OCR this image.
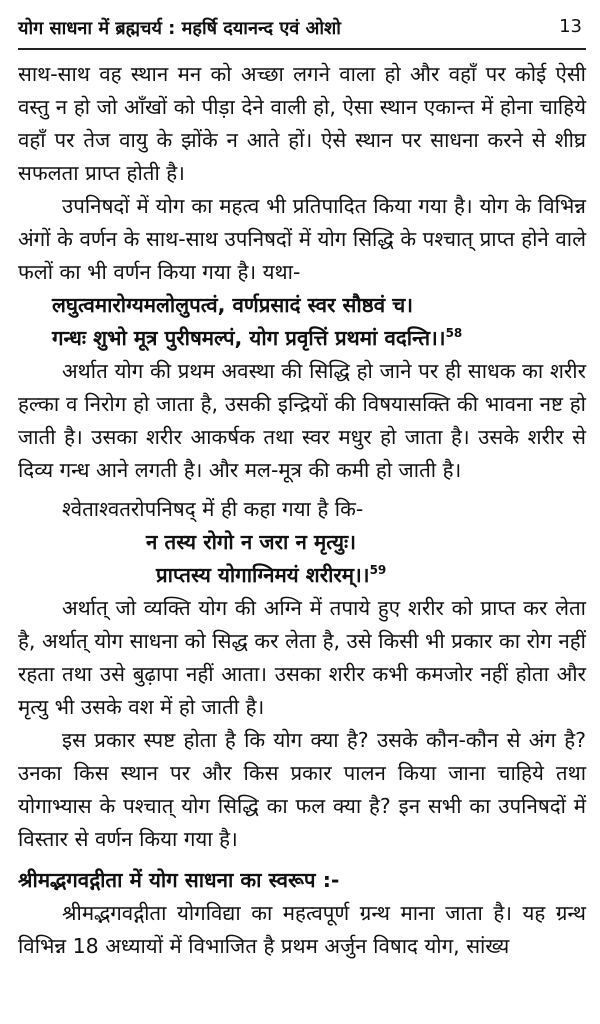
योग साधना में ब्रह्मचर्य : महर्षि दयानन्द एवं ओशो	13

साथ-साथ वह स्थान मन को अच्छा लगने वाला हो और वहाँ पर कोई ऐसी वस्तु न हो जो आँखों को पीड़ा देने वाली हो, ऐसा स्थान एकान्त में होना चाहिये वहाँ पर तेज वायु के झोंके न आते हों। ऐसे स्थान पर साधना करने से शीघ्र सफलता प्राप्त होती है।

उपनिषदों में योग का महत्व भी प्रतिपादित किया गया है। योग के विभिन्न अंगों के वर्णन के साथ-साथ उपनिषदों में योग सिद्धि के पश्चात् प्राप्त होने वाले फलों का भी वर्णन किया गया है। यथा-

लघुत्वमारोग्यमलोलुपत्वं, वर्णप्रसादं स्वर सौष्ठवं च।

गन्धः शुभो मूत्र पुरीषमल्पं, योग प्रवृत्तिं प्रथमां वदन्ति।।$^{58}$

अर्थात योग की प्रथम अवस्था की सिद्धि हो जाने पर ही साधक का शरीर हल्का व निरोग हो जाता है, उसकी इन्द्रियों की विषयासक्ति की भावना नष्ट हो जाती है। उसका शरीर आकर्षक तथा स्वर मधुर हो जाता है। उसके शरीर से दिव्य गन्ध आने लगती है। और मल-मूत्र की कमी हो जाती है।

श्वेताश्वतरोपनिषद् में ही कहा गया है कि-

न तस्य रोगो न जरा न मृत्युः।

प्राप्तस्य योगाग्निमयं शरीरम्।।$^{59}$

अर्थात् जो व्यक्ति योग की अग्नि में तपाये हुए शरीर को प्राप्त कर लेता है, अर्थात् योग साधना को सिद्ध कर लेता है, उसे किसी भी प्रकार का रोग नहीं रहता तथा उसे बुढ़ापा नहीं आता। उसका शरीर कभी कमजोर नहीं होता और मृत्यु भी उसके वश में हो जाती है।

इस प्रकार स्पष्ट होता है कि योग क्या है? उसके कौन-कौन से अंग है? उनका किस स्थान पर और किस प्रकार पालन किया जाना चाहिये तथा योगाभ्यास के पश्चात् योग सिद्धि का फल क्या है? इन सभी का उपनिषदों में विस्तार से वर्णन किया गया है।

श्रीमद्भगवद्गीता में योग साधना का स्वरूप :-

श्रीमद्भगवद्गीता योगविद्या का महत्वपूर्ण ग्रन्थ माना जाता है। यह ग्रन्थ विभिन्न 18 अध्यायों में विभाजित है प्रथम अर्जुन विषाद योग, सांख्य
